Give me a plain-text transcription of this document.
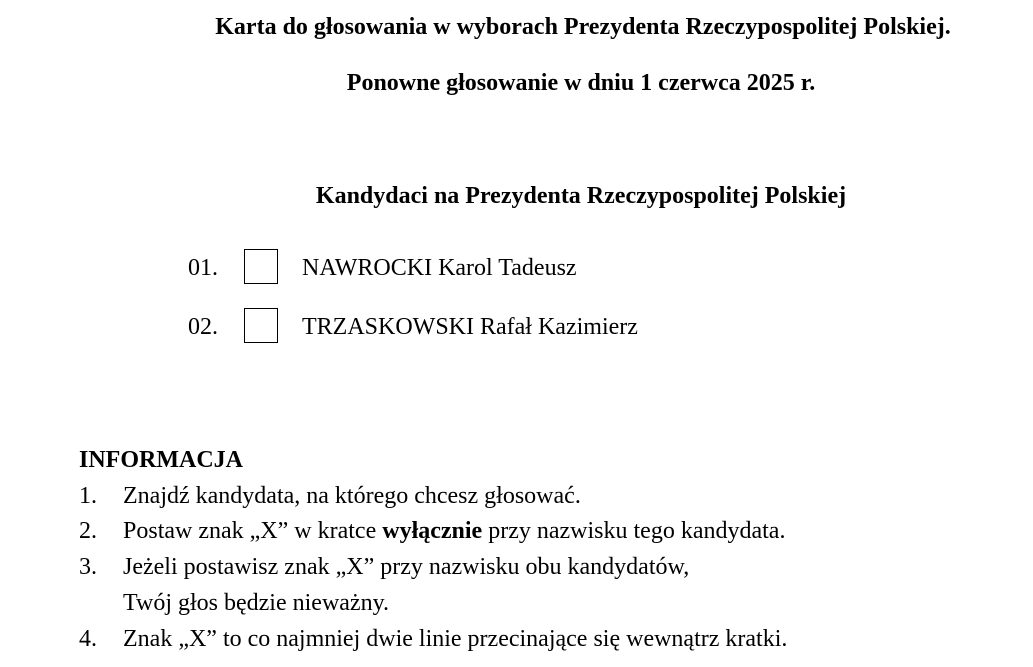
Karta do głosowania w wyborach Prezydenta Rzeczypospolitej Polskiej.
Ponowne głosowanie w dniu 1 czerwca 2025 r.
Kandydaci na Prezydenta Rzeczypospolitej Polskiej
01.	NAWROCKI Karol Tadeusz
02.	TRZASKOWSKI Rafał Kazimierz
INFORMACJA
1. Znajdź kandydata, na którego chcesz głosować.
2. Postaw znak „X” w kratce wyłącznie przy nazwisku tego kandydata.
3. Jeżeli postawisz znak „X” przy nazwisku obu kandydatów,
Twój głos będzie nieważny.
4. Znak „X” to co najmniej dwie linie przecinające się wewnątrz kratki.
